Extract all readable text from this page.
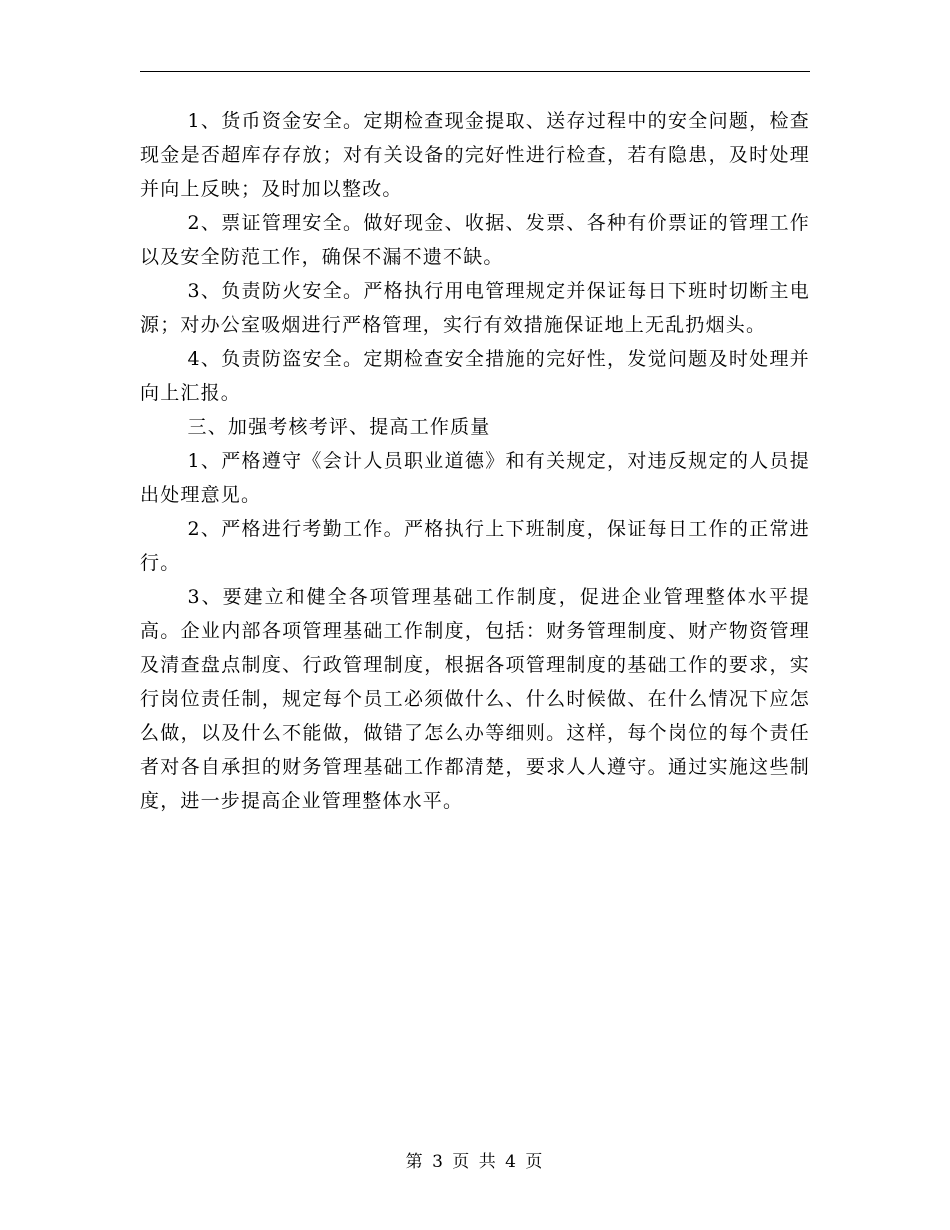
1、货币资金安全。定期检查现金提取、送存过程中的安全问题，检查现金是否超库存存放；对有关设备的完好性进行检查，若有隐患，及时处理并向上反映；及时加以整改。

2、票证管理安全。做好现金、收据、发票、各种有价票证的管理工作以及安全防范工作，确保不漏不遗不缺。

3、负责防火安全。严格执行用电管理规定并保证每日下班时切断主电源；对办公室吸烟进行严格管理，实行有效措施保证地上无乱扔烟头。

4、负责防盗安全。定期检查安全措施的完好性，发觉问题及时处理并向上汇报。

三、加强考核考评、提高工作质量

1、严格遵守《会计人员职业道德》和有关规定，对违反规定的人员提出处理意见。

2、严格进行考勤工作。严格执行上下班制度，保证每日工作的正常进行。

3、要建立和健全各项管理基础工作制度，促进企业管理整体水平提高。企业内部各项管理基础工作制度，包括：财务管理制度、财产物资管理及清查盘点制度、行政管理制度，根据各项管理制度的基础工作的要求，实行岗位责任制，规定每个员工必须做什么、什么时候做、在什么情况下应怎么做，以及什么不能做，做错了怎么办等细则。这样，每个岗位的每个责任者对各自承担的财务管理基础工作都清楚，要求人人遵守。通过实施这些制度，进一步提高企业管理整体水平。

第 3 页 共 4 页
